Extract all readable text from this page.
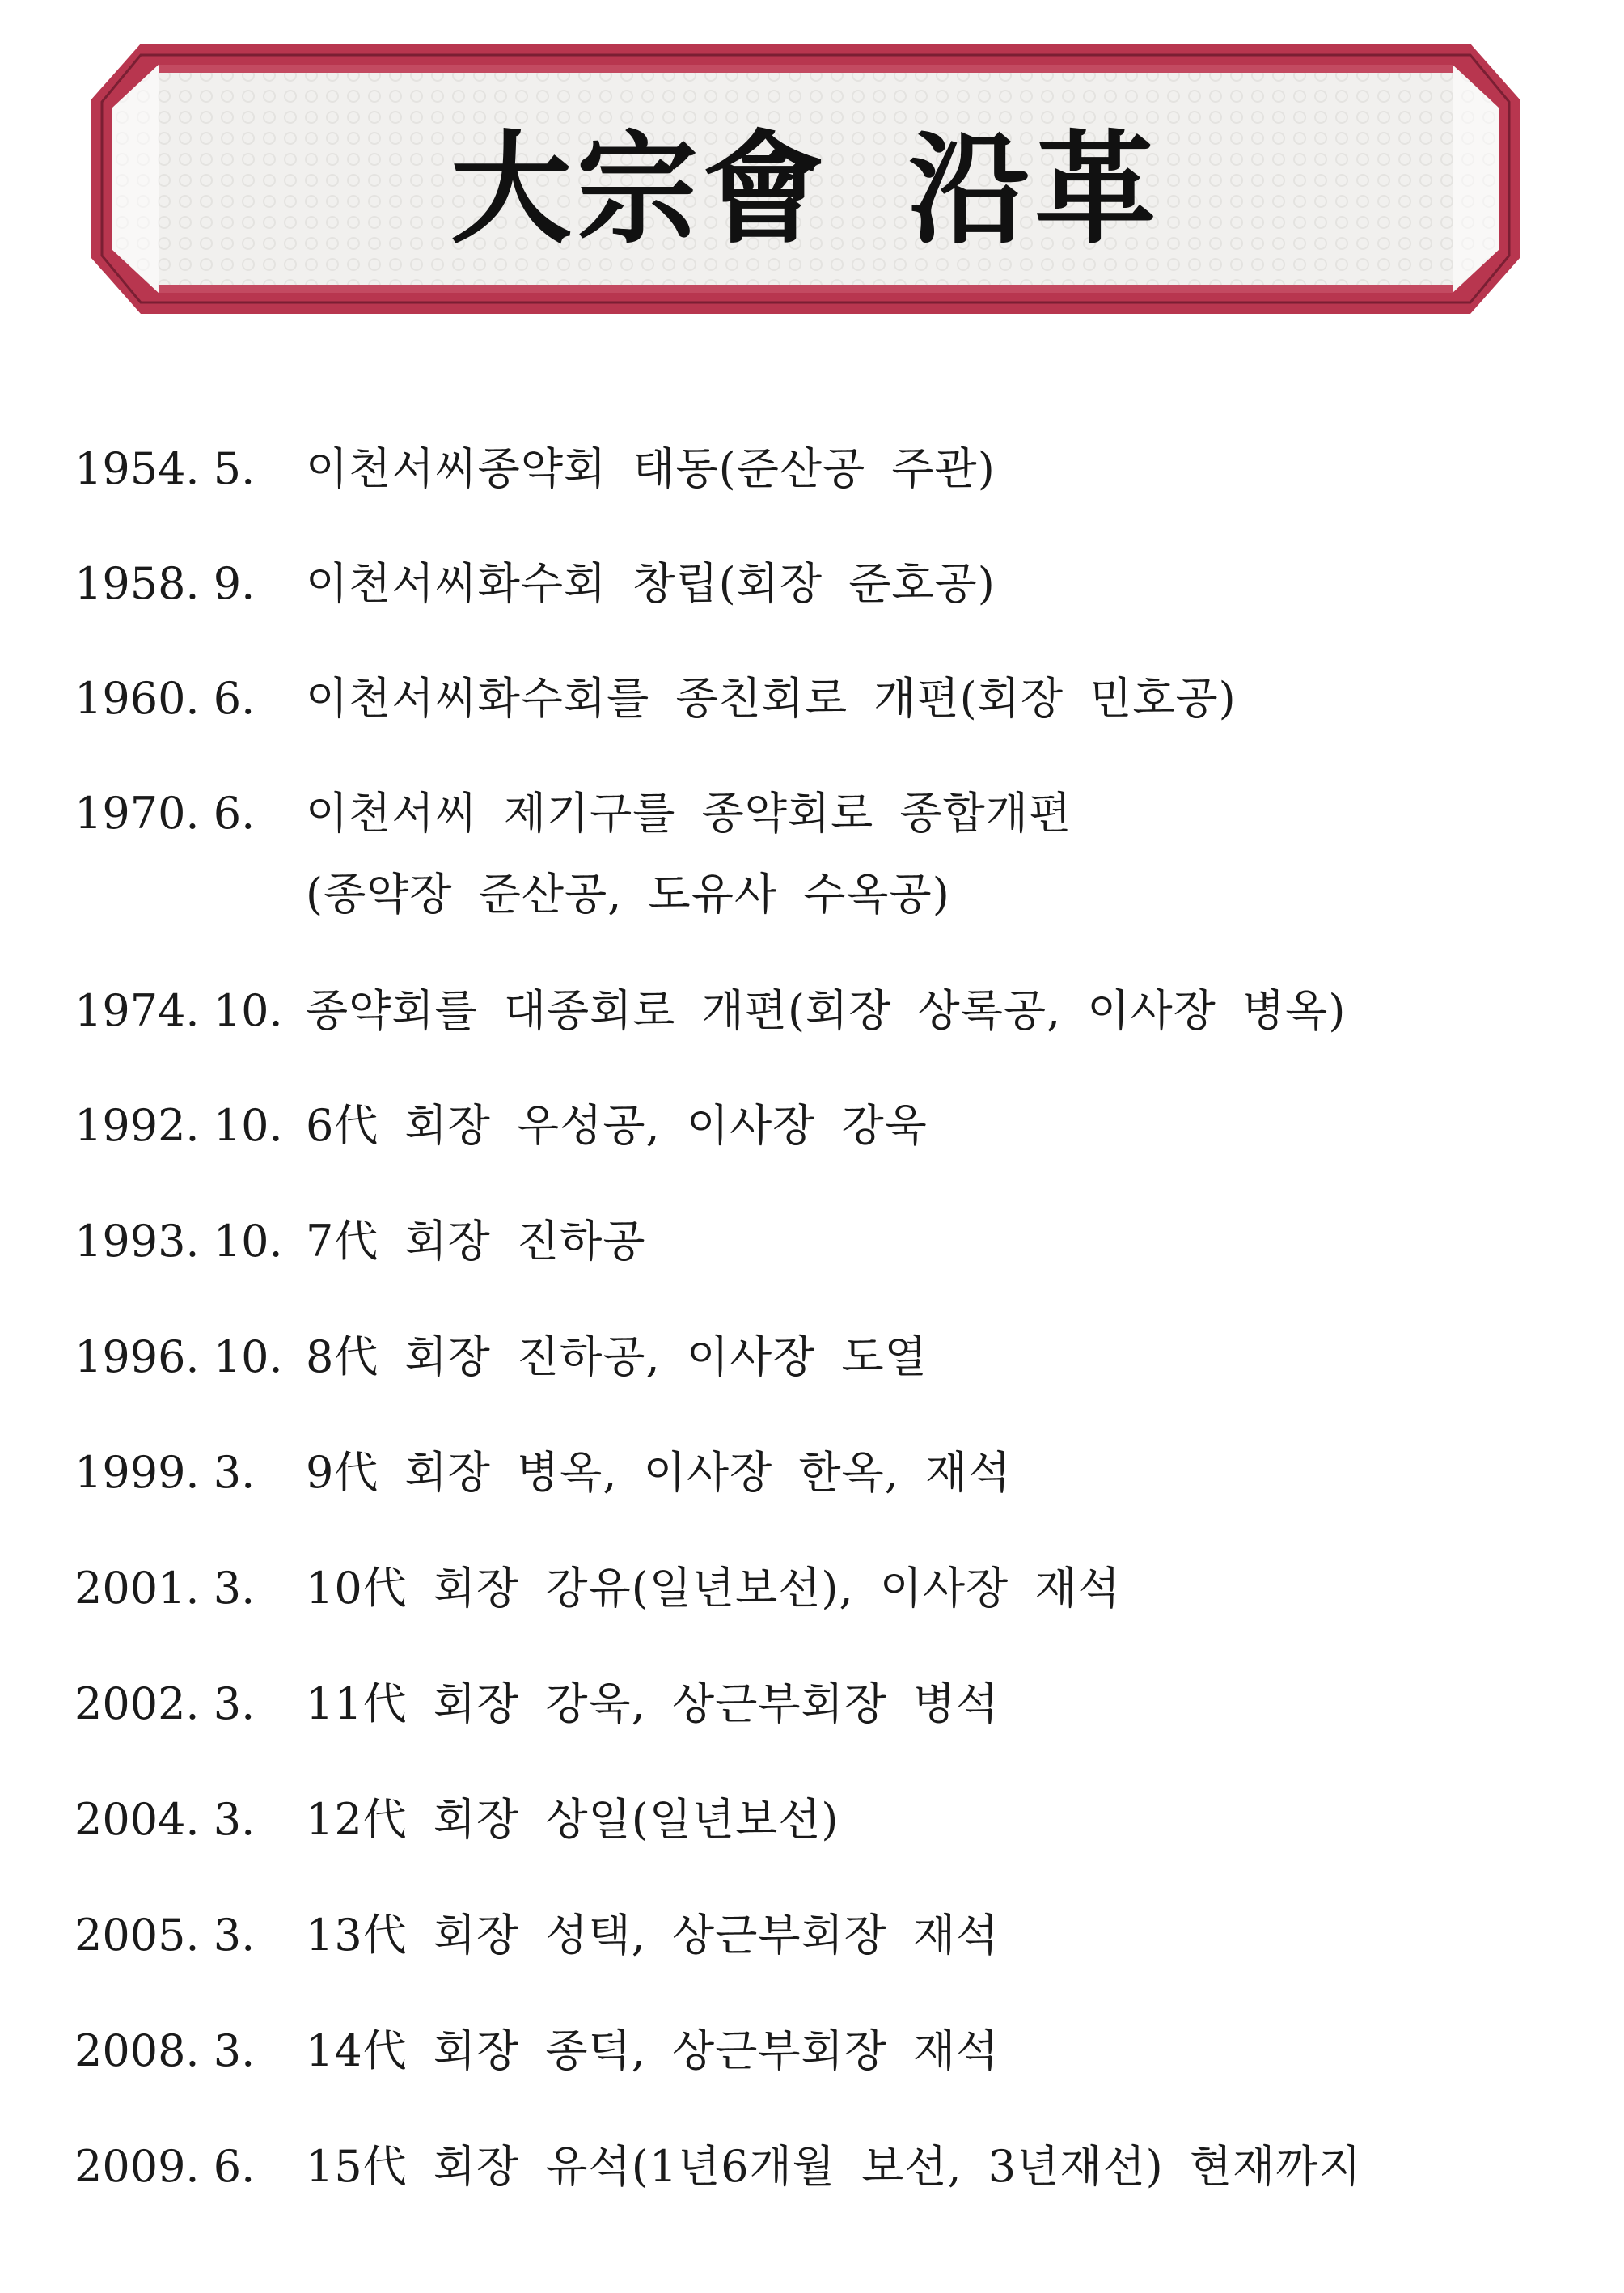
大宗會 沿革
1954. 5. 이천서씨종약회 태동(준산공 주관)
1958. 9. 이천서씨화수회 창립(회장 준호공)
1960. 6. 이천서씨화수회를 종친회로 개편(회장 민호공)
1970. 6. 이천서씨 제기구를 종약회로 종합개편
(종약장 준산공, 도유사 수옥공)
1974. 10. 종약회를 대종회로 개편(회장 상록공, 이사장 병옥)
1992. 10. 6代 회장 우성공, 이사장 강욱
1993. 10. 7代 회장 진하공
1996. 10. 8代 회장 진하공, 이사장 도열
1999. 3. 9代 회장 병옥, 이사장 한옥, 재석
2001. 3. 10代 회장 강유(일년보선), 이사장 재석
2002. 3. 11代 회장 강욱, 상근부회장 병석
2004. 3. 12代 회장 상일(일년보선)
2005. 3. 13代 회장 성택, 상근부회장 재석
2008. 3. 14代 회장 종덕, 상근부회장 재석
2009. 6. 15代 회장 유석(1년6개월 보선, 3년재선) 현재까지
